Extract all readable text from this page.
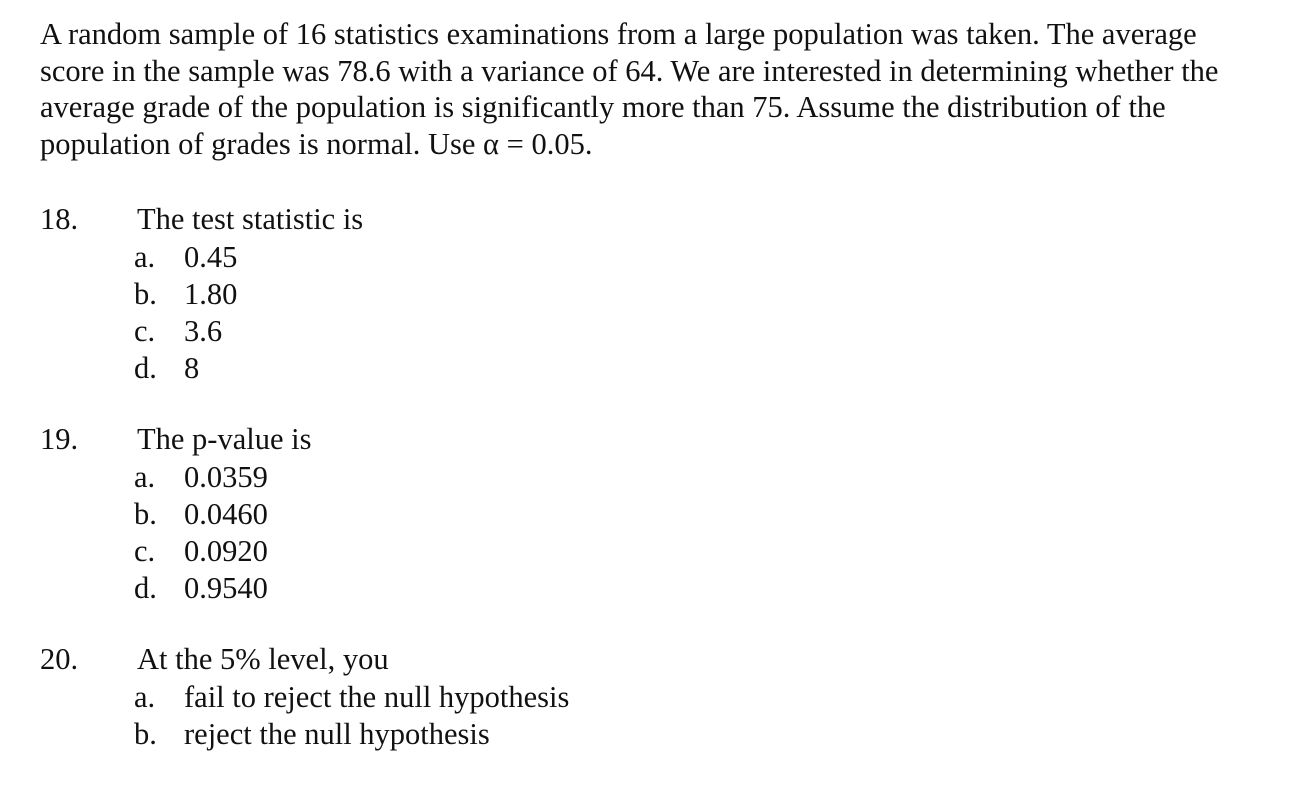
A random sample of 16 statistics examinations from a large population was taken. The average
score in the sample was 78.6 with a variance of 64. We are interested in determining whether the
average grade of the population is significantly more than 75. Assume the distribution of the
population of grades is normal. Use α = 0.05.

18. The test statistic is
a. 0.45
b. 1.80
c. 3.6
d. 8
19. The p-value is
a. 0.0359
b. 0.0460
c. 0.0920
d. 0.9540
20. At the 5% level, you
a. fail to reject the null hypothesis
b. reject the null hypothesis
